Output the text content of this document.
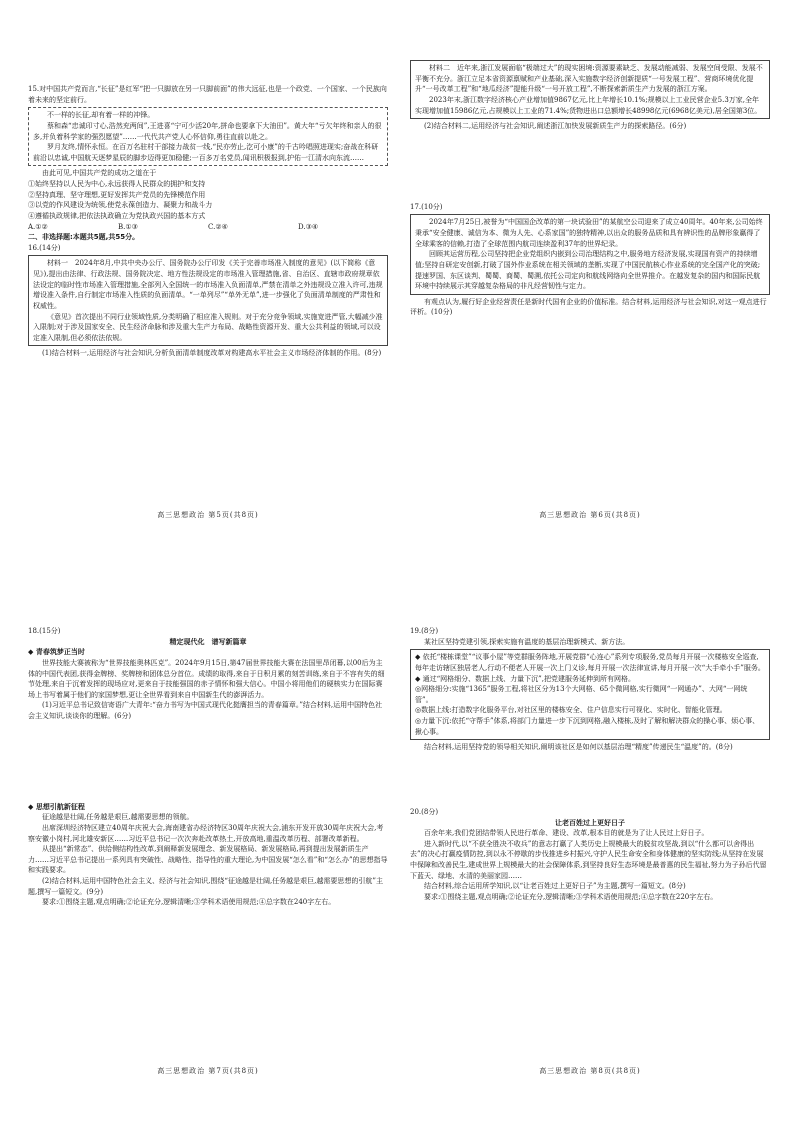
15.对中国共产党而言,“长征”是红军“把一只脚放在另一只脚前面”的伟大远征,也是一个政党、一个国家、一个民族向着未来的坚定前行。

不一样的长征,却有着一样的冲锋。

蔡和森“忠诚印寸心,浩然充两间”,王进喜“宁可少活20年,拼命也要拿下大油田”。黄大年“亏欠年终和亲人的很多,并负着科学家的强烈愿望”……一代代共产党人心怀信仰,勇往直前以赴之。

罗月友终,情怀永恒。在百万名驻村干部接力战贫一线,“民亦劳止,汔可小康”的千古吟唱照进现实;奋战在科研前沿以忠诚,中国航天逐梦星辰的脚步迈得更加稳健;一百多万名党员,闻讯积极报到,护佑一江清水向东流……

由此可见,中国共产党的成功之道在于

①始终坚持以人民为中心,永远获得人民群众的拥护和支持

②坚持真理、坚守理想,更好发挥共产党员的先锋模范作用

③以党的作风建设为统领,使党永葆创造力、凝聚力和战斗力

④遵循执政规律,把依法执政确立为党执政兴国的基本方式

A.①②	B.①③	C.②④	D.③④

二、非选择题:本题共5题,共55分。

16.(14分)

材料一　2024年8月,中共中央办公厅、国务院办公厅印发《关于完善市场准入制度的意见》(以下简称《意见》),提出由法律、行政法规、国务院决定、地方性法规设定的市场准入管理措施,省、自治区、直辖市政府规章依法设定的临时性市场准入管理措施,全部列入全国统一的市场准入负面清单,严禁在清单之外违规设立准入许可,违规增设准入条件,自行制定市场准入性质的负面清单。“一单列尽”“单外无单”,进一步强化了负面清单制度的严肃性和权威性。

《意见》首次提出不同行业领域性质,分类明确了相应准入规则。对于充分竞争领域,实施宽进严管,大幅减少准入限制;对于涉及国家安全、民生经济命脉和涉及重大生产力布局、战略性资源开发、重大公共利益的领域,可以设定准入限制,但必须依法依规。

(1)结合材料一,运用经济与社会知识,分析负面清单制度改革对构建高水平社会主义市场经济体制的作用。(8分)

高三思想政治 第5页(共8页)

材料二　近年来,浙江发展面临“极端过大”的现实困境:资源要素缺乏、发展动能减弱、发展空间受限、发展不平衡不充分。浙江立足本省资源禀赋和产业基础,深入实施数字经济创新提质“一号发展工程”、营商环境优化提升“一号改革工程”和“地瓜经济”提能升级“一号开放工程”,不断探索新质生产力发展的浙江方案。

2023年末,浙江数字经济核心产业增加值9867亿元,比上年增长10.1%;规模以上工业民营企业5.3万家,全年实现增加值15986亿元,占规模以上工业的71.4%;货物进出口总额增长48998亿元(6968亿美元),居全国第3位。

(2)结合材料二,运用经济与社会知识,阐述浙江加快发展新质生产力的探索路径。(6分)

17.(10分)

2024年7月25日,被誉为“中国国企改革的第一块试验田”的某航空公司迎来了成立40周年。40年来,公司始终秉承“安全健康、诚信为本、微为人先、心系家国”的独特精神,以出众的服务品质和具有辨识性的品牌形象赢得了全球乘客的信赖,打造了全球范围内航司连续盈利37年的世界纪录。

回顾其运营历程,公司坚持把企业党组织内嵌到公司治理结构之中,服务地方经济发展,实现国有资产的持续增值;坚持自研定安创新,打破了国外作业系统在相关领域的垄断,实现了中国民航核心作业系统的完全国产化的突破;提速罗国、东区谈判、蜀蜀、商蜀、蜀溯,依托公司定向和航线网络向全世界推介。在越发复杂的国内和国际民航环境中持续展示其穿越复杂格局的非凡经营韧性与定力。

有观点认为,履行好企业经营责任是新时代国有企业的价值标准。结合材料,运用经济与社会知识,对这一观点进行评析。(10分)

高三思想政治 第6页(共8页)

18.(15分)

精定现代化　谱写新篇章

◆ 青春筑梦正当时

世界技能大赛被称为“世界技能奥林匹克”。2024年9月15日,第47届世界技能大赛在法国里昂闭幕,以00后为主体的中国代表团,获得金牌榜、奖牌榜和团体总分首位。成绩的取得,来自于日积月累的刻苦训练,来自于不容有失的细节处理,来自于沉着发挥的现场应对,更来自于技能强国的赤子情怀和强大信心。中国小将用他们的硬核实力在国际赛场上书写着属于他们的家国梦想,更让全世界看到来自中国新生代的澎湃活力。

(1)习近平总书记致信寄语广大青年:“奋力书写为中国式现代化挺膺担当的青春篇章。”结合材料,运用中国特色社会主义知识,谈谈你的理解。(6分)

◆ 思想引航新征程

征途越是壮阔,任务越是艰巨,越需要思想的领航。

出席深圳经济特区建立40周年庆祝大会,海南建省办经济特区30周年庆祝大会,浦东开发开放30周年庆祝大会,考察安徽小岗村,河北雄安新区……习近平总书记一次次奔赴改革热土,开放高地,重温改革历程、部署改革新程。

从提出“新常态”、供给侧结构性改革,到阐释新发展理念、新发展格局、新发展格局,再到提出发展新质生产力……习近平总书记提出一系列具有突破性、战略性、指导性的重大理论,为中国发展“怎么看”和“怎么办”的思想指导和实践要求。

(2)结合材料,运用中国特色社会主义、经济与社会知识,围绕“征途越是壮阔,任务越是艰巨,越需要思想的引航”主题,撰写一篇短文。(9分)

要求:①围绕主题,观点明确;②论证充分,逻辑清晰;③学科术语使用规范;④总字数在240字左右。

高三思想政治 第7页(共8页)

19.(8分)

某社区坚持党建引领,探索实施有温度的基层治理新模式、新方法。

◆ 依托“楼栋课堂”“议事小屋”等党群服务阵地,开展党群“心连心”系列专项服务,党员每月开展一次楼栋安全巡查,每年走访辖区独居老人,行动不便老人开展一次上门义诊,每月开展一次法律宣讲,每月开展一次“大手牵小手”服务。

◆ 通过“网格细分、数据上线、力量下沉”,把党建服务延伸到所有网格。

◎网格细分:实施“1365”服务工程,将社区分为13个大网格、65个微网格,实行微网“一网通办”、大网“一网统管”。

◎数据上线:打造数字化服务平台,对社区里的楼栋安全、住户信息实行可视化、实时化、智能化管理。

◎力量下沉:依托“守帮手”体系,将部门力量进一步下沉到网格,融入楼栋,及时了解和解决群众的操心事、烦心事、揪心事。

结合材料,运用坚持党的领导相关知识,阐明该社区是如何以基层治理“精度”传递民生“温度”的。(8分)

20.(8分)

让老百姓过上更好日子

百余年来,我们党团结带领人民进行革命、建设、改革,根本目的就是为了让人民过上好日子。

进入新时代,以“不获全胜决不收兵”的意志打赢了人类历史上规模最大的脱贫攻坚战,到以“什么都可以舍得出去”的决心打赢疫情防控,到以永不停歇的步伐推进乡村振兴,守护人民生命安全和身体健康的坚实防线;从坚持在发展中保障和改善民生,建成世界上规模最大的社会保障体系,到坚持良好生态环境是最普惠的民生福祉,努力为子孙后代留下蓝天、绿地、水清的美丽家园……

结合材料,综合运用所学知识,以“让老百姓过上更好日子”为主题,撰写一篇短文。(8分)

要求:①围绕主题,观点明确;②论证充分,逻辑清晰;③学科术语使用规范;④总字数在220字左右。

高三思想政治 第8页(共8页)
